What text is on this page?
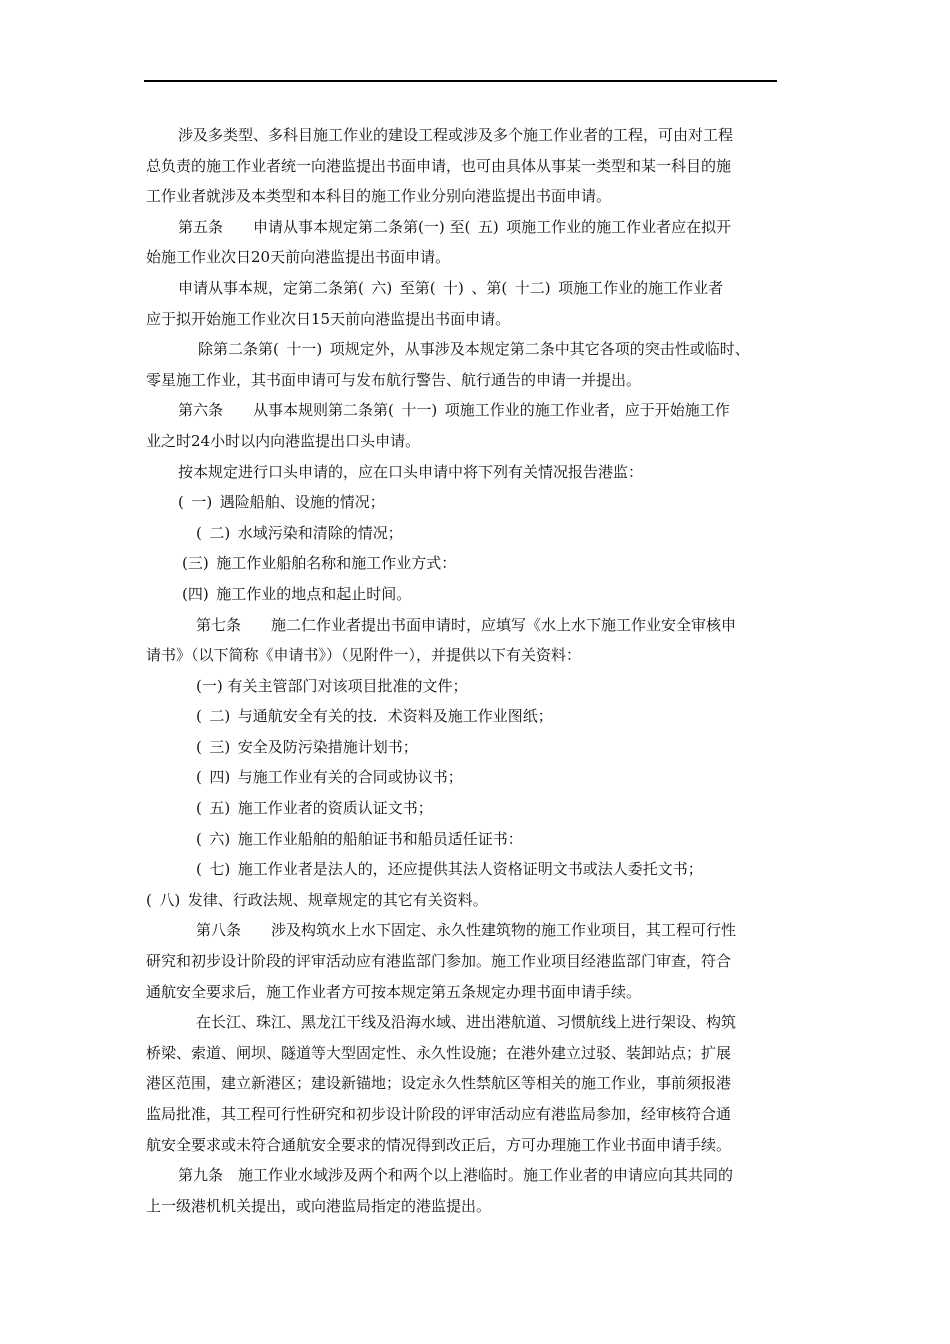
涉及多类型、多科目施工作业的建设工程或涉及多个施工作业者的工程，可由对工程
总负责的施工作业者统一向港监提出书面申请，也可由具体从事某一类型和某一科目的施
工作业者就涉及本类型和本科目的施工作业分别向港监提出书面申请。
第五条　　申请从事本规定第二条第(一) 至( 五) 项施工作业的施工作业者应在拟开
始施工作业次日20天前向港监提出书面申请。
申请从事本规，定第二条第( 六) 至第( 十) 、第( 十二) 项施工作业的施工作业者
应于拟开始施工作业次日15天前向港监提出书面申请。
除第二条第( 十一) 项规定外，从事涉及本规定第二条中其它各项的突击性或临时、
零星施工作业，其书面申请可与发布航行警告、航行通告的申请一并提出。
第六条　　从事本规则第二条第( 十一) 项施工作业的施工作业者，应于开始施工作
业之时24小时以内向港监提出口头申请。
按本规定进行口头申请的，应在口头申请中将下列有关情况报告港监：
( 一) 遇险船舶、设施的情况；
( 二) 水域污染和清除的情况；
(三) 施工作业船舶名称和施工作业方式：
(四) 施工作业的地点和起止时间。
第七条　　施二仁作业者提出书面申请时，应填写《水上水下施工作业安全审核申
请书》（以下简称《申请书》）（见附件一），并提供以下有关资料：
(一) 有关主管部门对该项目批准的文件；
( 二) 与通航安全有关的技．术资料及施工作业图纸；
( 三) 安全及防污染措施计划书；
( 四) 与施工作业有关的合同或协议书；
( 五) 施工作业者的资质认证文书；
( 六) 施工作业船舶的船舶证书和船员适任证书：
( 七) 施工作业者是法人的，还应提供其法人资格证明文书或法人委托文书；
( 八) 发律、行政法规、规章规定的其它有关资料。
第八条　　涉及构筑水上水下固定、永久性建筑物的施工作业项目，其工程可行性
研究和初步设计阶段的评审活动应有港监部门参加。施工作业项目经港监部门审查，符合
通航安全要求后，施工作业者方可按本规定第五条规定办理书面申请手续。
在长江、珠江、黑龙江干线及沿海水域、进出港航道、习惯航线上进行架设、构筑
桥梁、索道、闸坝、隧道等大型固定性、永久性设施；在港外建立过驳、装卸站点；扩展
港区范围，建立新港区；建设新锚地；设定永久性禁航区等相关的施工作业，事前须报港
监局批准，其工程可行性研究和初步设计阶段的评审活动应有港监局参加，经审核符合通
航安全要求或未符合通航安全要求的情况得到改正后，方可办理施工作业书面申请手续。
第九条　施工作业水域涉及两个和两个以上港临时。施工作业者的申请应向其共同的
上一级港机机关提出，或向港监局指定的港监提出。
